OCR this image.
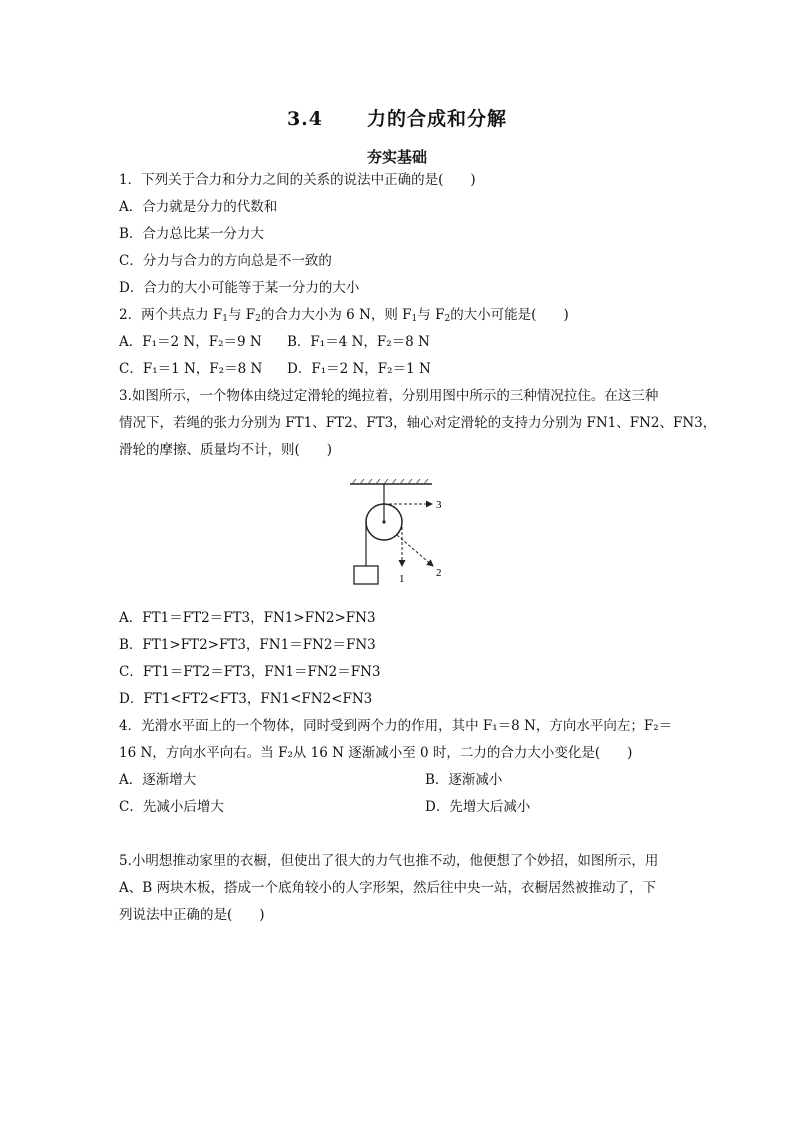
3.4 力的合成和分解
夯实基础
1．下列关于合力和分力之间的关系的说法中正确的是(　　)
A．合力就是分力的代数和
B．合力总比某一分力大
C．分力与合力的方向总是不一致的
D．合力的大小可能等于某一分力的大小
2．两个共点力 $F_1$与 $F_2$的合力大小为 6 N，则 $F_1$与 $F_2$的大小可能是(　　)
A．F₁＝2 N，F₂＝9 N B．F₁＝4 N，F₂＝8 N
C．F₁＝1 N，F₂＝8 N D．F₁＝2 N，F₂＝1 N
3.如图所示，一个物体由绕过定滑轮的绳拉着，分别用图中所示的三种情况拉住。在这三种
情况下，若绳的张力分别为 FT1、FT2、FT3，轴心对定滑轮的支持力分别为 FN1、FN2、FN3，
滑轮的摩擦、质量均不计，则(　　)
3
2
1
A．FT1＝FT2＝FT3，FN1>FN2>FN3
B．FT1>FT2>FT3，FN1＝FN2＝FN3
C．FT1＝FT2＝FT3，FN1＝FN2＝FN3
D．FT1<FT2<FT3，FN1<FN2<FN3
4．光滑水平面上的一个物体，同时受到两个力的作用，其中 F₁＝8 N，方向水平向左；F₂＝
16 N，方向水平向右。当 F₂从 16 N 逐渐减小至 0 时，二力的合力大小变化是(　　)
A．逐渐增大	B．逐渐减小
C．先减小后增大	D．先增大后减小
5.小明想推动家里的衣橱，但使出了很大的力气也推不动，他便想了个妙招，如图所示，用
A、B 两块木板，搭成一个底角较小的人字形架，然后往中央一站，衣橱居然被推动了，下
列说法中正确的是(　　)
